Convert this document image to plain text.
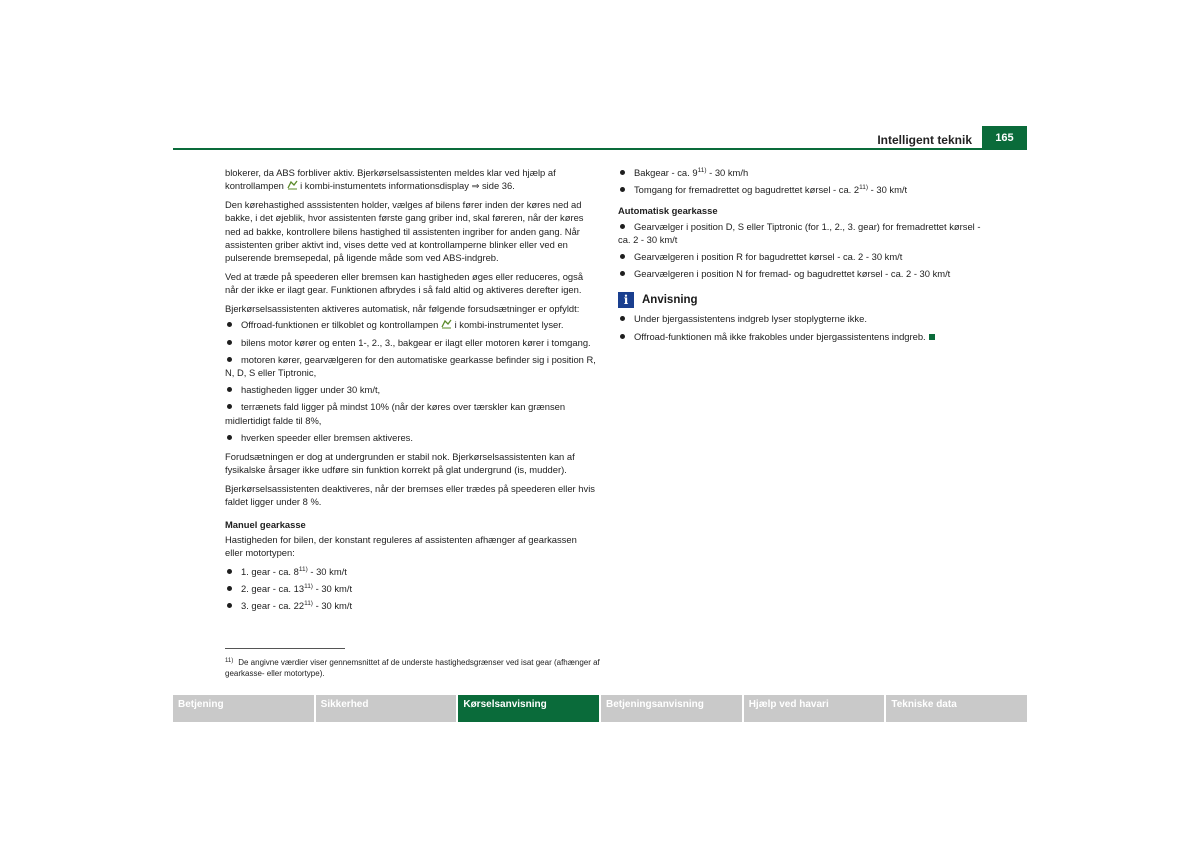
Intelligent teknik	165

blokerer, da ABS forbliver aktiv. Bjerkørselsassistenten meldes klar ved hjælp af kontrollampen i kombi-instumentets informationsdisplay ⇒ side 36.

Den kørehastighed asssistenten holder, vælges af bilens fører inden der køres ned ad bakke, i det øjeblik, hvor assistenten første gang griber ind, skal føreren, når der køres ned ad bakke, kontrollere bilens hastighed til assistenten ingriber for anden gang. Når assistenten griber aktivt ind, vises dette ved at kontrollamperne blinker eller ved en pulserende bremsepedal, på ligende måde som ved ABS-indgreb.

Ved at træde på speederen eller bremsen kan hastigheden øges eller reduceres, også når der ikke er ilagt gear. Funktionen afbrydes i så fald altid og aktiveres derefter igen.

Bjerkørselsassistenten aktiveres automatisk, når følgende forsudsætninger er opfyldt:

Offroad-funktionen er tilkoblet og kontrollampen i kombi-instrumentet lyser.
bilens motor kører og enten 1-, 2., 3., bakgear er ilagt eller motoren kører i tomgang.
motoren kører, gearvælgeren for den automatiske gearkasse befinder sig i position R, N, D, S eller Tiptronic,
hastigheden ligger under 30 km/t,
terrænets fald ligger på mindst 10% (når der køres over tærskler kan grænsen midlertidigt falde til 8%,
hverken speeder eller bremsen aktiveres.

Forudsætningen er dog at undergrunden er stabil nok. Bjerkørselsassistenten kan af fysikalske årsager ikke udføre sin funktion korrekt på glat undergrund (is, mudder).

Bjerkørselsassistenten deaktiveres, når der bremses eller trædes på speederen eller hvis faldet ligger under 8 %.

Manuel gearkasse

Hastigheden for bilen, der konstant reguleres af assistenten afhænger af gearkassen eller motortypen:

1. gear - ca. 8$^{11)}$ - 30 km/t
2. gear - ca. 13$^{11)}$ - 30 km/t
3. gear - ca. 22$^{11)}$ - 30 km/t
Bakgear - ca. 9$^{11)}$ - 30 km/h
Tomgang for fremadrettet og bagudrettet kørsel - ca. 2$^{11)}$ - 30 km/t
Automatisk gearkasse
Gearvælger i position D, S eller Tiptronic (for 1., 2., 3. gear) for fremadrettet kørsel - ca. 2 - 30 km/t
Gearvælgeren i position R for bagudrettet kørsel - ca. 2 - 30 km/t
Gearvælgeren i position N for fremad- og bagudrettet kørsel - ca. 2 - 30 km/t
i	Anvisning
Under bjergassistentens indgreb lyser stoplygterne ikke.
Offroad-funktionen må ikke frakobles under bjergassistentens indgreb.
$^{11)}$ De angivne værdier viser gennemsnittet af de underste hastighedsgrænser ved isat gear (afhænger af gearkasse- eller motortype).
Betjening	Sikkerhed	Kørselsanvisning	Betjeningsanvisning	Hjælp ved havari	Tekniske data
